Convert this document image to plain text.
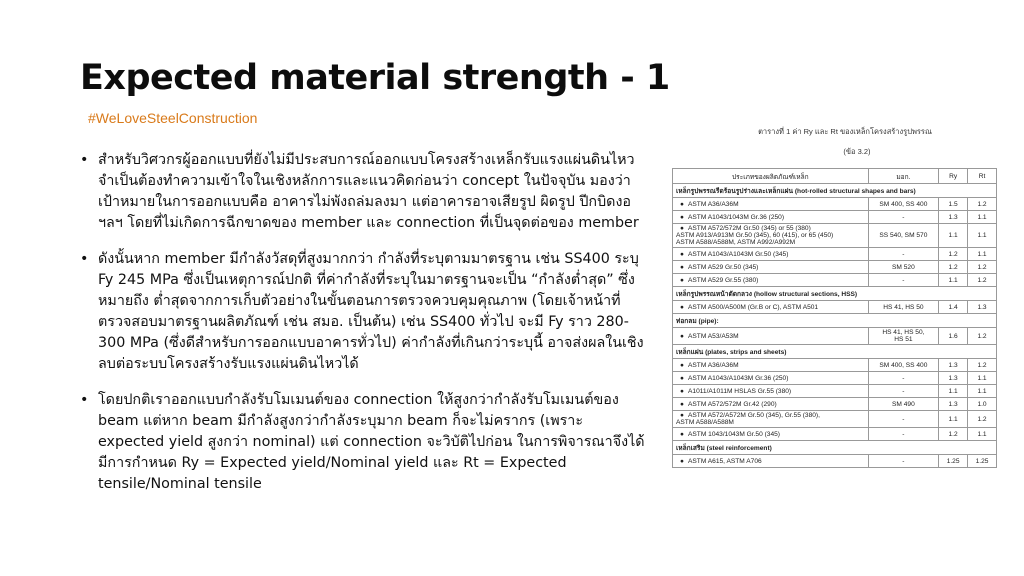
Expected material strength - 1
#WeLoveSteelConstruction
• สำหรับวิศวกรผู้ออกแบบที่ยังไม่มีประสบการณ์ออกแบบโครงสร้างเหล็กรับแรงแผ่นดินไหว จำเป็นต้องทำความเข้าใจในเชิงหลักการและแนวคิดก่อนว่า concept ในปัจจุบัน มองว่า เป้าหมายในการออกแบบคือ อาคารไม่พังถล่มลงมา แต่อาคารอาจเสียรูป ผิดรูป ปีกบิดงอ ฯลฯ โดยที่ไม่เกิดการฉีกขาดของ member และ connection ที่เป็นจุดต่อของ member
• ดังนั้นหาก member มีกำลังวัสดุที่สูงมากกว่า กำลังที่ระบุตามมาตรฐาน เช่น SS400 ระบุ Fy 245 MPa ซึ่งเป็นเหตุการณ์ปกติ ที่ค่ากำลังที่ระบุในมาตรฐานจะเป็น “กำลังต่ำสุด” ซึ่งหมายถึง ต่ำสุดจากการเก็บตัวอย่างในขั้นตอนการตรวจควบคุมคุณภาพ (โดยเจ้าหน้าที่ตรวจสอบมาตรฐานผลิตภัณฑ์ เช่น สมอ. เป็นต้น) เช่น SS400 ทั่วไป จะมี Fy ราว 280-300 MPa (ซึ่งดีสำหรับการออกแบบอาคารทั่วไป) ค่ากำลังที่เกินกว่าระบุนี้ อาจส่งผลในเชิงลบต่อระบบโครงสร้างรับแรงแผ่นดินไหวได้
• โดยปกติเราออกแบบกำลังรับโมเมนต์ของ connection ให้สูงกว่ากำลังรับโมเมนต์ของ beam แต่หาก beam มีกำลังสูงกว่ากำลังระบุมาก beam ก็จะไม่ครากร (เพราะ expected yield สูงกว่า nominal) แต่ connection จะวิบัติไปก่อน ในการพิจารณาจึงได้มีการกำหนด Ry = Expected yield/Nominal yield และ Rt = Expected tensile/Nominal tensile
ตารางที่ 1 ค่า Ry และ Rt ของเหล็กโครงสร้างรูปพรรณ
(ข้อ 3.2)
ประเภทของผลิตภัณฑ์เหล็ก	มอก.	Ry	Rt
เหล็กรูปพรรณรีดร้อนรูปร่างและเหล็กแผ่น (hot-rolled structural shapes and bars)			
● ASTM A36/A36M	SM 400, SS 400	1.5	1.2
● ASTM A1043/1043M Gr.36 (250)	-	1.3	1.1
● ASTM A572/572M Gr.50 (345) or 55 (380)
ASTM A913/A913M Gr.50 (345), 60 (415), or 65 (450)
ASTM A588/A588M, ASTM A992/A992M	SS 540, SM 570	1.1	1.1
● ASTM A1043/A1043M Gr.50 (345)	-	1.2	1.1
● ASTM A529 Gr.50 (345)	SM 520	1.2	1.2
● ASTM A529 Gr.55 (380)	-	1.1	1.2
เหล็กรูปพรรณหน้าตัดกลวง (hollow structural sections, HSS)			
● ASTM A500/A500M (Gr.B or C), ASTM A501	HS 41, HS 50	1.4	1.3
ท่อกลม (pipe):			
● ASTM A53/A53M	HS 41, HS 50,
HS 51	1.6	1.2
เหล็กแผ่น (plates, strips and sheets)			
● ASTM A36/A36M	SM 400, SS 400	1.3	1.2
● ASTM A1043/A1043M Gr.36 (250)	-	1.3	1.1
● A1011/A1011M HSLAS Gr.55 (380)	-	1.1	1.1
● ASTM A572/572M Gr.42 (290)	SM 490	1.3	1.0
● ASTM A572/A572M Gr.50 (345), Gr.55 (380),
ASTM A588/A588M	-	1.1	1.2
● ASTM 1043/1043M Gr.50 (345)	-	1.2	1.1
เหล็กเสริม (steel reinforcement)			
● ASTM A615, ASTM A706	-	1.25	1.25
